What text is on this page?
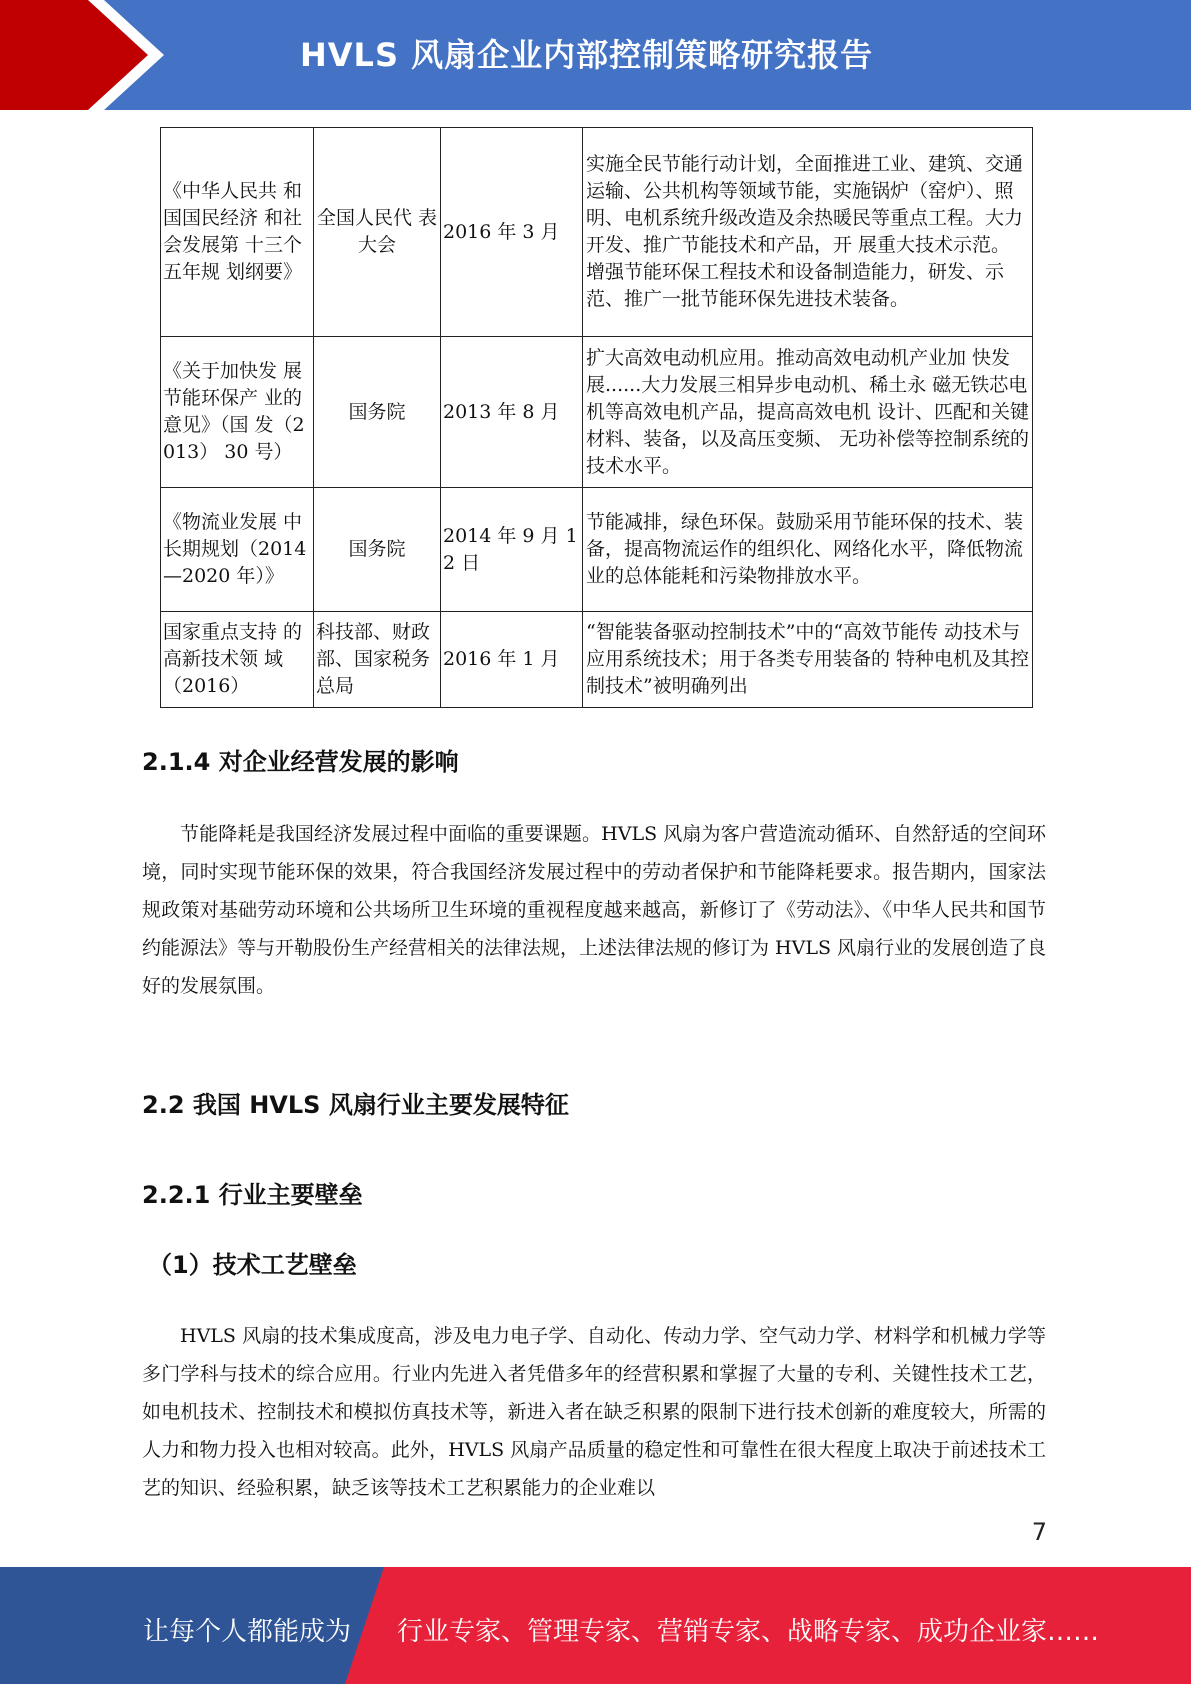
HVLS 风扇企业内部控制策略研究报告
《中华人民共 和国国民经济 和社会发展第 十三个五年规 划纲要》	全国人民代 表大会	2016 年 3 月	实施全民节能行动计划，全面推进工业、建筑、交通运输、公共机构等领域节能，实施锅炉（窑炉）、照明、电机系统升级改造及余热暖民等重点工程。大力开发、推广节能技术和产品，开 展重大技术示范。
增强节能环保工程技术和设备制造能力，研发、示范、推广一批节能环保先进技术装备。

《关于加快发 展节能环保产 业的意见》（国 发（2013） 30 号）	国务院	2013 年 8 月	扩大高效电动机应用。推动高效电动机产业加 快发展......大力发展三相异步电动机、稀土永 磁无铁芯电机等高效电机产品，提高高效电机 设计、匹配和关键材料、装备，以及高压变频、 无功补偿等控制系统的技术水平。

《物流业发展 中长期规划（2014—2020 年）》	国务院	2014 年 9 月 12 日	节能减排，绿色环保。鼓励采用节能环保的技术、装备，提高物流运作的组织化、网络化水平，降低物流业的总体能耗和污染物排放水平。

国家重点支持 的高新技术领 域（2016）	科技部、财政部、国家税务总局	2016 年 1 月	“智能装备驱动控制技术”中的“高效节能传 动技术与应用系统技术；用于各类专用装备的 特种电机及其控制技术”被明确列出
2.1.4 对企业经营发展的影响
节能降耗是我国经济发展过程中面临的重要课题。HVLS 风扇为客户营造流动循环、自然舒适的空间环境，同时实现节能环保的效果，符合我国经济发展过程中的劳动者保护和节能降耗要求。报告期内，国家法规政策对基础劳动环境和公共场所卫生环境的重视程度越来越高，新修订了《劳动法》、《中华人民共和国节约能源法》等与开勒股份生产经营相关的法律法规，上述法律法规的修订为 HVLS 风扇行业的发展创造了良好的发展氛围。
2.2 我国 HVLS 风扇行业主要发展特征
2.2.1 行业主要壁垒
（1）技术工艺壁垒
HVLS 风扇的技术集成度高，涉及电力电子学、自动化、传动力学、空气动力学、材料学和机械力学等多门学科与技术的综合应用。行业内先进入者凭借多年的经营积累和掌握了大量的专利、关键性技术工艺，如电机技术、控制技术和模拟仿真技术等，新进入者在缺乏积累的限制下进行技术创新的难度较大，所需的人力和物力投入也相对较高。此外，HVLS 风扇产品质量的稳定性和可靠性在很大程度上取决于前述技术工艺的知识、经验积累，缺乏该等技术工艺积累能力的企业难以
7
让每个人都能成为 行业专家、管理专家、营销专家、战略专家、成功企业家……
